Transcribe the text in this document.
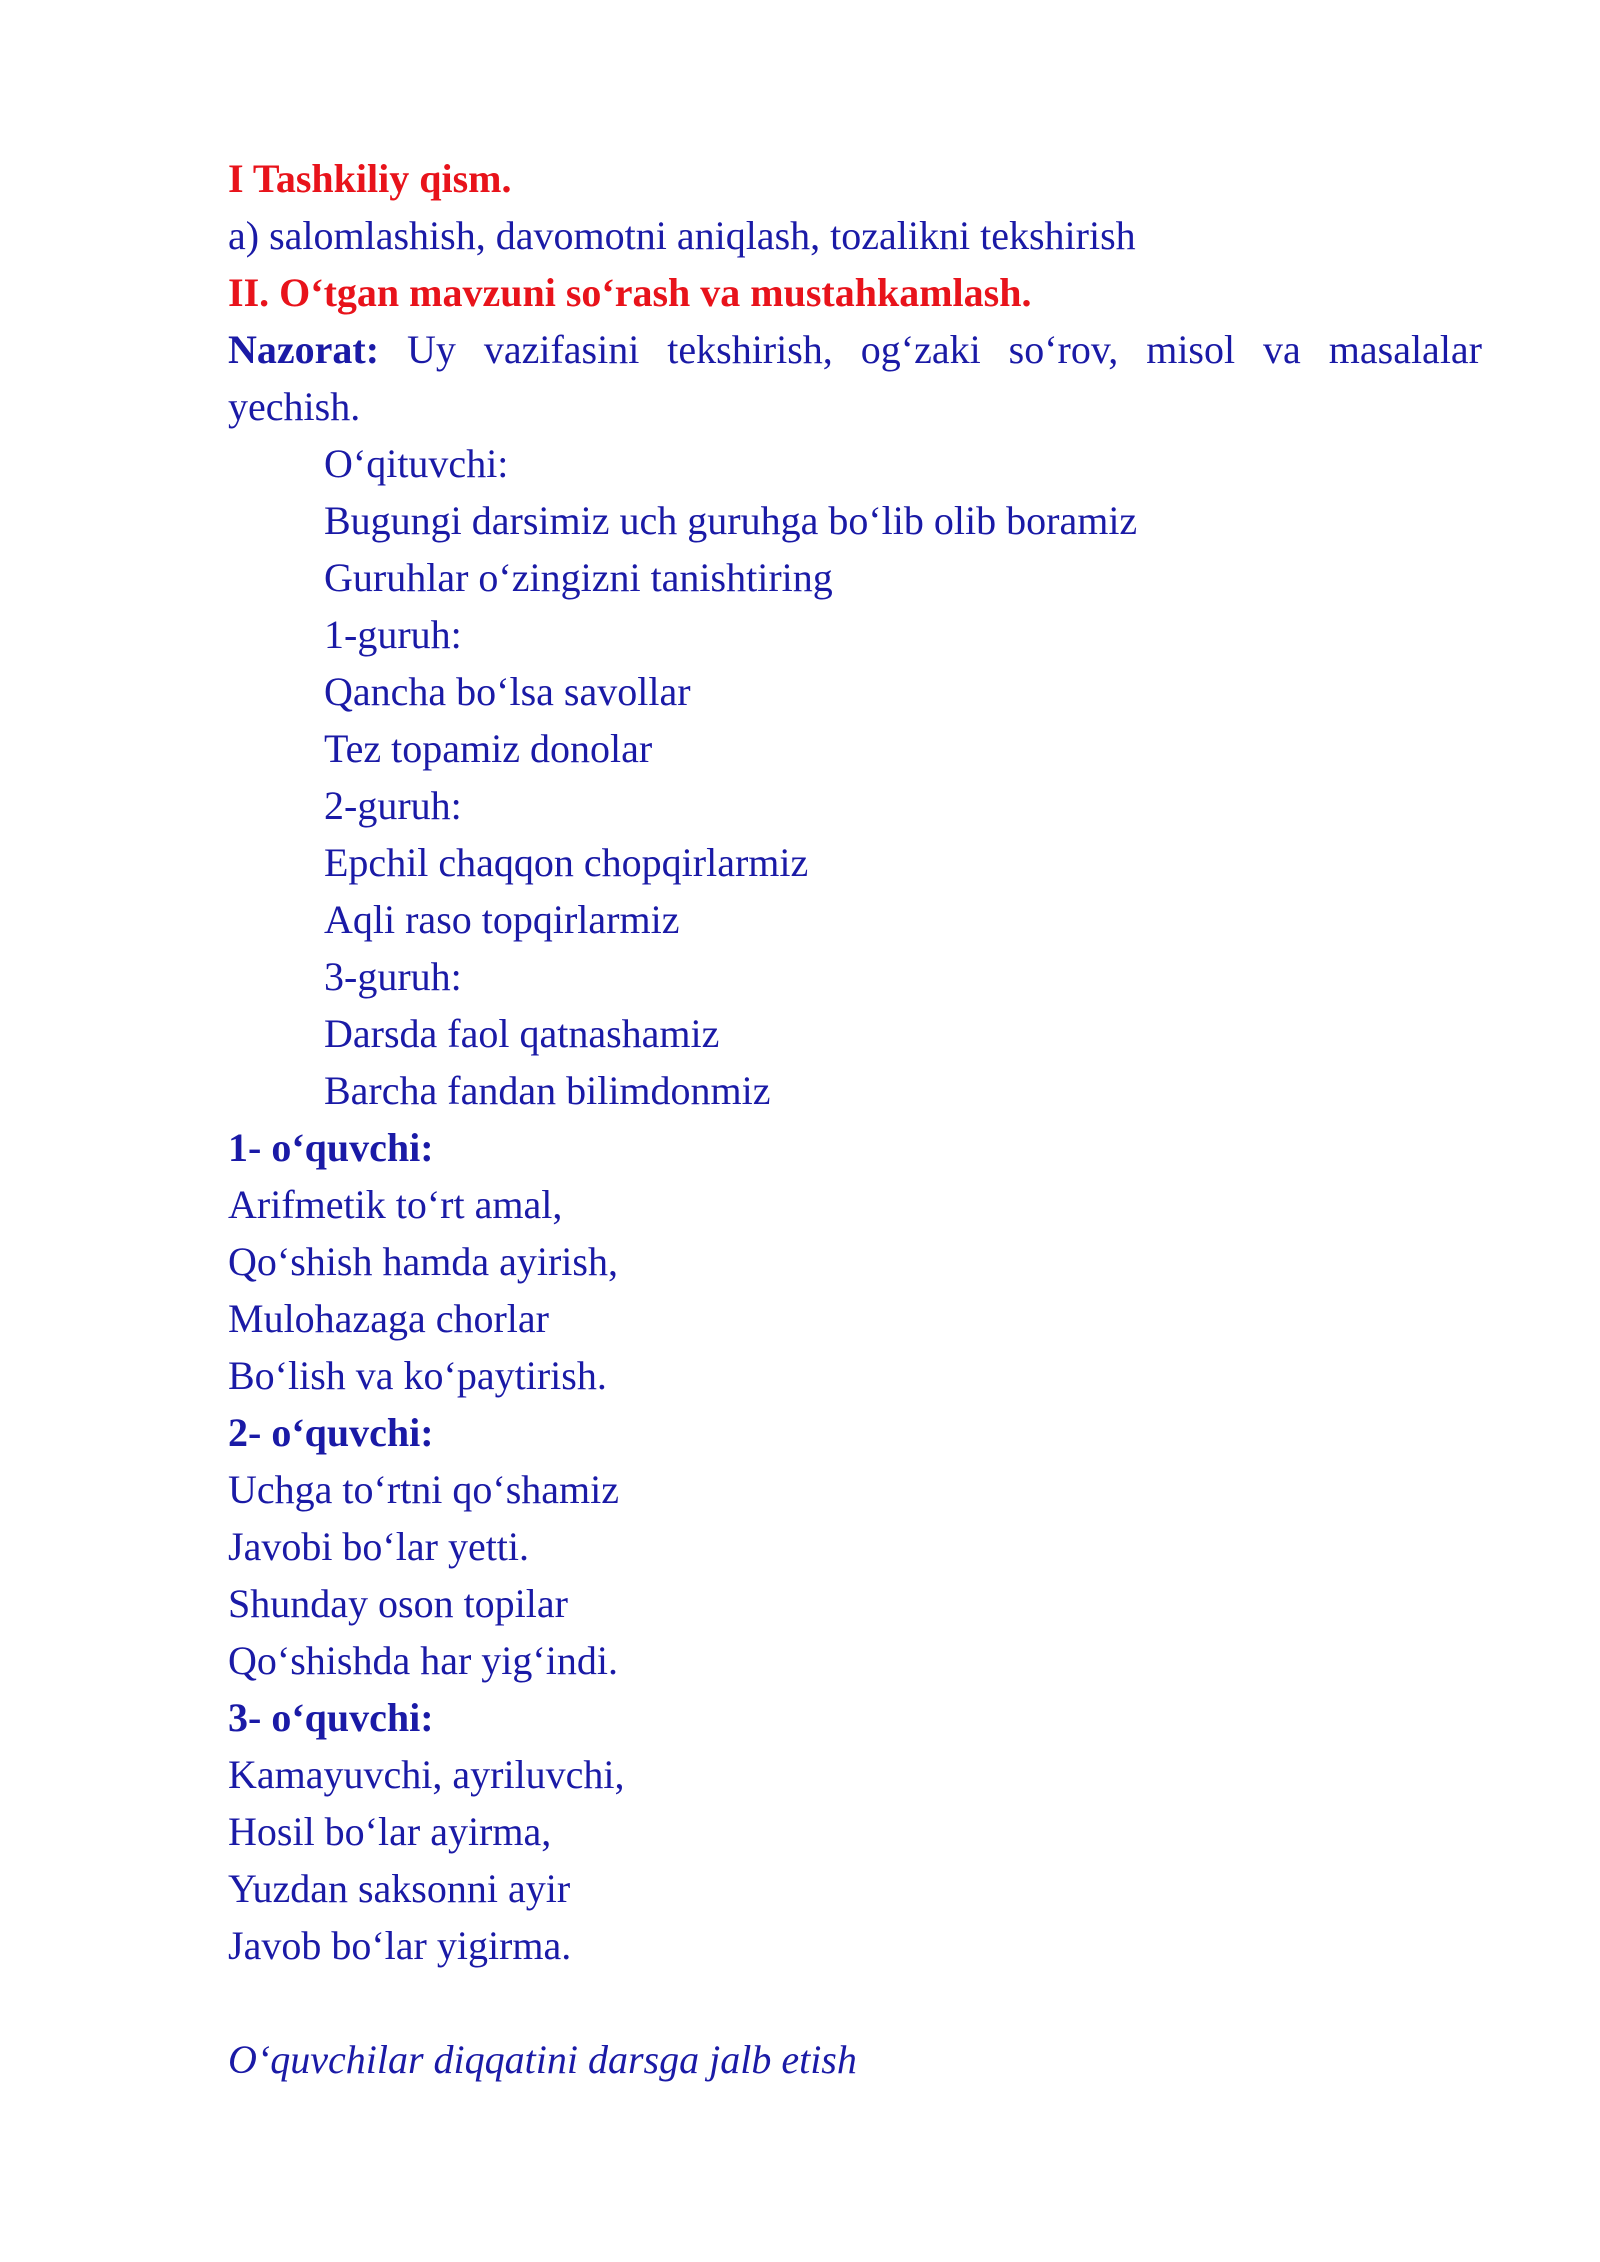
I Tashkiliy qism.
a) salomlashish, davomotni aniqlash, tozalikni tekshirish
II. O‘tgan mavzuni so‘rash va mustahkamlash.
Nazorat: Uy vazifasini tekshirish, og‘zaki so‘rov, misol va masalalar
yechish.
O‘qituvchi:
Bugungi darsimiz uch guruhga bo‘lib olib boramiz
Guruhlar o‘zingizni tanishtiring
1-guruh:
Qancha bo‘lsa savollar
Tez topamiz donolar
2-guruh:
Epchil chaqqon chopqirlarmiz
Aqli raso topqirlarmiz
3-guruh:
Darsda faol qatnashamiz
Barcha fandan bilimdonmiz
1- o‘quvchi:
Arifmetik to‘rt amal,
Qo‘shish hamda ayirish,
Mulohazaga chorlar
Bo‘lish va ko‘paytirish.
2- o‘quvchi:
Uchga to‘rtni qo‘shamiz
Javobi bo‘lar yetti.
Shunday oson topilar
Qo‘shishda har yig‘indi.
3- o‘quvchi:
Kamayuvchi, ayriluvchi,
Hosil bo‘lar ayirma,
Yuzdan saksonni ayir
Javob bo‘lar yigirma.
O‘quvchilar diqqatini darsga jalb etish
